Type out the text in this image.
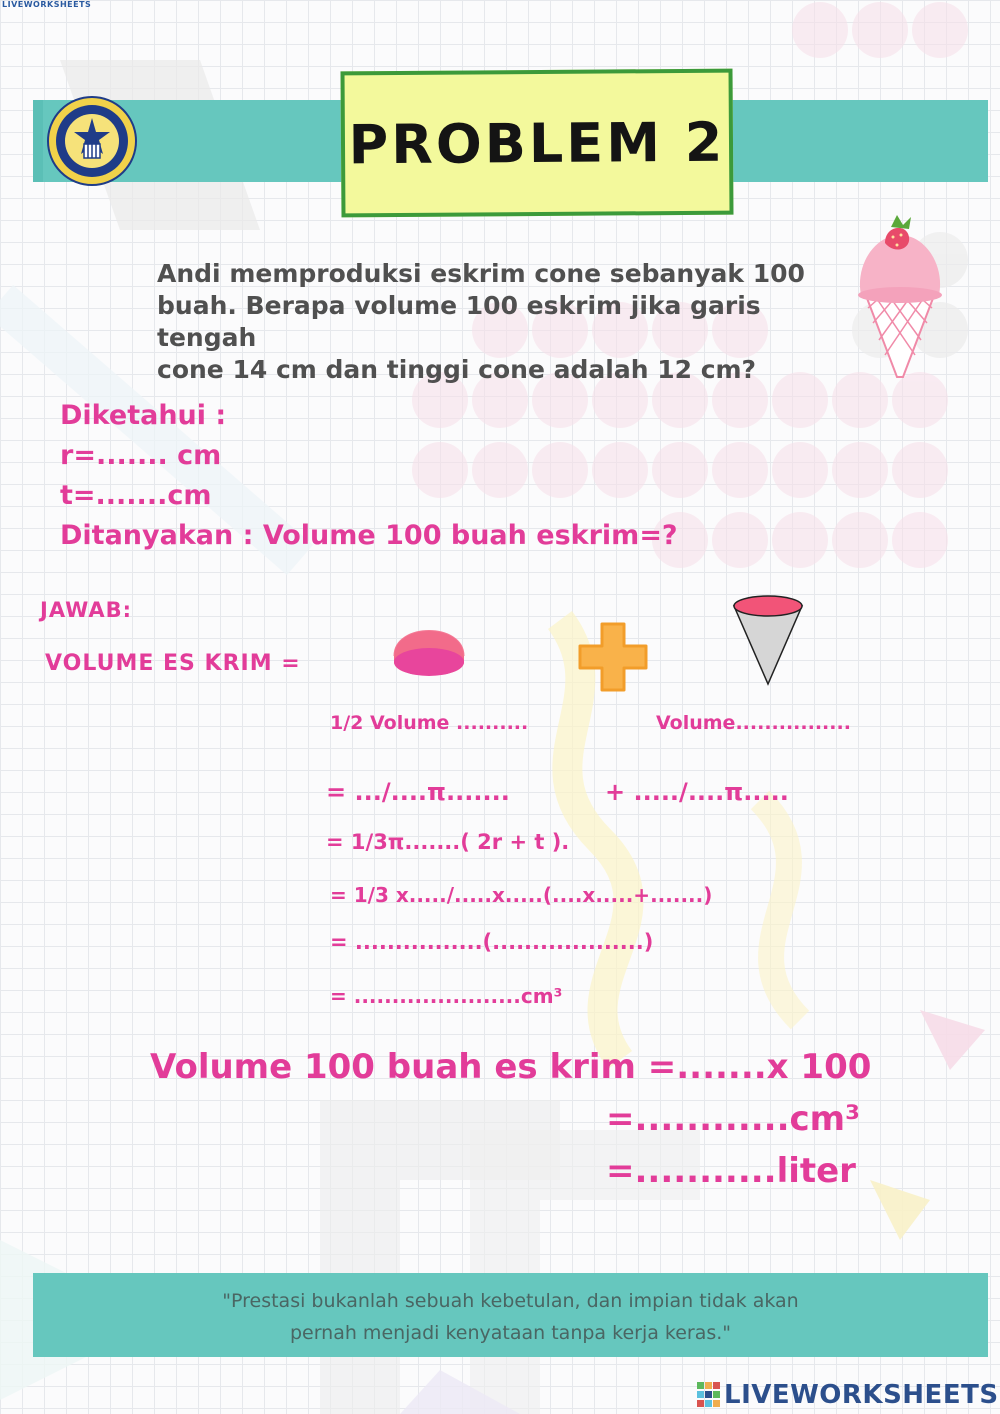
LIVEWORKSHEETS
PROBLEM 2
Andi memproduksi eskrim cone sebanyak 100
buah. Berapa volume 100 eskrim jika garis tengah
cone 14 cm dan tinggi cone adalah 12 cm?
Diketahui :
r=....... cm
t=.......cm
Ditanyakan : Volume 100 buah eskrim=?
JAWAB:
VOLUME ES KRIM =
1/2 Volume ..........	Volume................
= .../....π.......	+ ...../....π.....
= 1/3π.......( 2r + t ).
= 1/3 x...../.....x.....(....x.....+.......)
= ................(...................)
= ......................cm³
Volume 100 buah es krim =.......x 100
=............cm³
=...........liter
"Prestasi bukanlah sebuah kebetulan, dan impian tidak akan
pernah menjadi kenyataan tanpa kerja keras."
LIVEWORKSHEETS
